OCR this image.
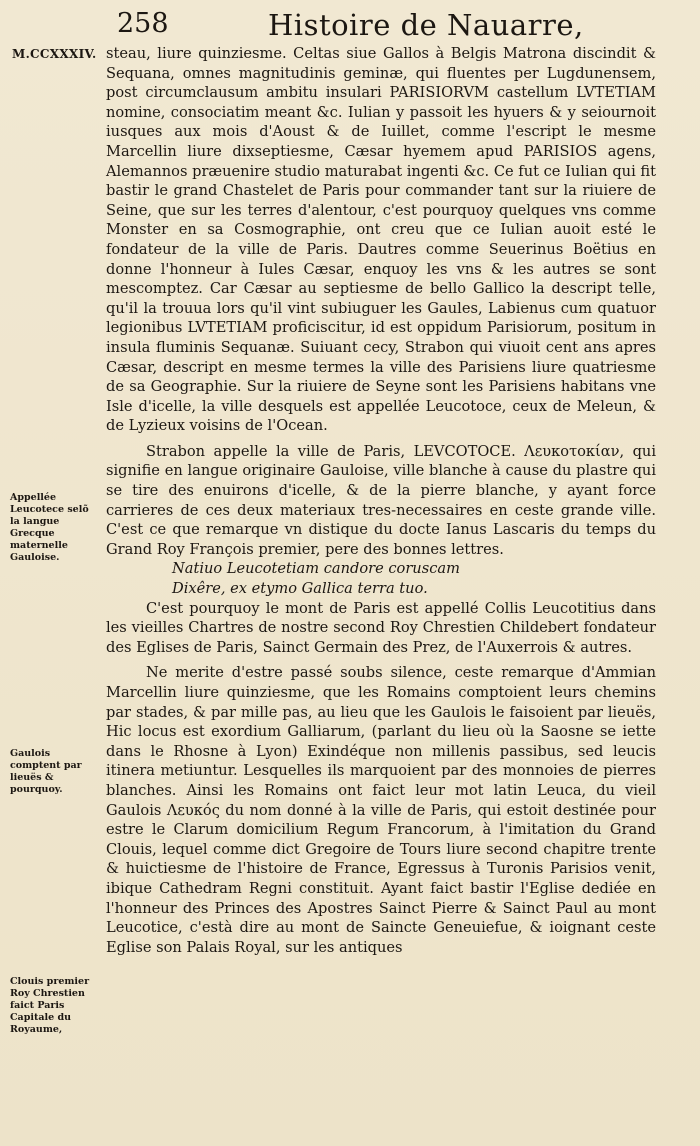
258	Histoire de Nauarre,
M.CCXXXIV.
Appellée Leucotece selõ la langue Grecque maternelle Gauloise.
Gaulois comptent par lieuës & pourquoy.
Clouis premier Roy Chrestien faict Paris Capitale du Royaume,

steau, liure quinziesme. Celtas siue Gallos à Belgis Matrona discindit & Sequana, omnes magnitudinis geminæ, qui fluentes per Lugdunensem, post circumclausum ambitu insulari PARISIORVM castellum LVTETIAM nomine, consociatim meant &c. Iulian y passoit les hyuers & y seiournoit iusques aux mois d'Aoust & de Iuillet, comme l'escript le mesme Marcellin liure dixseptiesme, Cæsar hyemem apud PARISIOS agens, Alemannos præuenire studio maturabat ingenti &c. Ce fut ce Iulian qui fit bastir le grand Chastelet de Paris pour commander tant sur la riuiere de Seine, que sur les terres d'alentour, c'est pourquoy quelques vns comme Monster en sa Cosmographie, ont creu que ce Iulian auoit esté le fondateur de la ville de Paris. Dautres comme Seuerinus Boëtius en donne l'honneur à Iules Cæsar, enquoy les vns & les autres se sont mescomptez. Car Cæsar au septiesme de bello Gallico la descript telle, qu'il la trouua lors qu'il vint subiuguer les Gaules, Labienus cum quatuor legionibus LVTETIAM proficiscitur, id est oppidum Parisiorum, positum in insula fluminis Sequanæ. Suiuant cecy, Strabon qui viuoit cent ans apres Cæsar, descript en mesme termes la ville des Parisiens liure quatriesme de sa Geographie. Sur la riuiere de Seyne sont les Parisiens habitans vne Isle d'icelle, la ville desquels est appellée Leucotoce, ceux de Meleun, & de Lyzieux voisins de l'Ocean.

Strabon appelle la ville de Paris, LEVCOTOCE. Λευκοτοκίαν, qui signifie en langue originaire Gauloise, ville blanche à cause du plastre qui se tire des enuirons d'icelle, & de la pierre blanche, y ayant force carrieres de ces deux materiaux tres-necessaires en ceste grande ville. C'est ce que remarque vn distique du docte Ianus Lascaris du temps du Grand Roy François premier, pere des bonnes lettres.

Natiuo Leucotetiam candore coruscam

Dixêre, ex etymo Gallica terra tuo.

C'est pourquoy le mont de Paris est appellé Collis Leucotitius dans les vieilles Chartres de nostre second Roy Chrestien Childebert fondateur des Eglises de Paris, Sainct Germain des Prez, de l'Auxerrois & autres.

Ne merite d'estre passé soubs silence, ceste remarque d'Ammian Marcellin liure quinziesme, que les Romains comptoient leurs chemins par stades, & par mille pas, au lieu que les Gaulois le faisoient par lieuës, Hic locus est exordium Galliarum, (parlant du lieu où la Saosne se iette dans le Rhosne à Lyon) Exindéque non millenis passibus, sed leucis itinera metiuntur. Lesquelles ils marquoient par des monnoies de pierres blanches. Ainsi les Romains ont faict leur mot latin Leuca, du vieil Gaulois Λευκός du nom donné à la ville de Paris, qui estoit destinée pour estre le Clarum domicilium Regum Francorum, à l'imitation du Grand Clouis, lequel comme dict Gregoire de Tours liure second chapitre trente & huictiesme de l'histoire de France, Egressus à Turonis Parisios venit, ibique Cathedram Regni constituit. Ayant faict bastir l'Eglise dediée en l'honneur des Princes des Apostres Sainct Pierre & Sainct Paul au mont Leucotice, c'està dire au mont de Saincte Geneuiefue, & ioignant ceste Eglise son Palais Royal, sur les antiques
